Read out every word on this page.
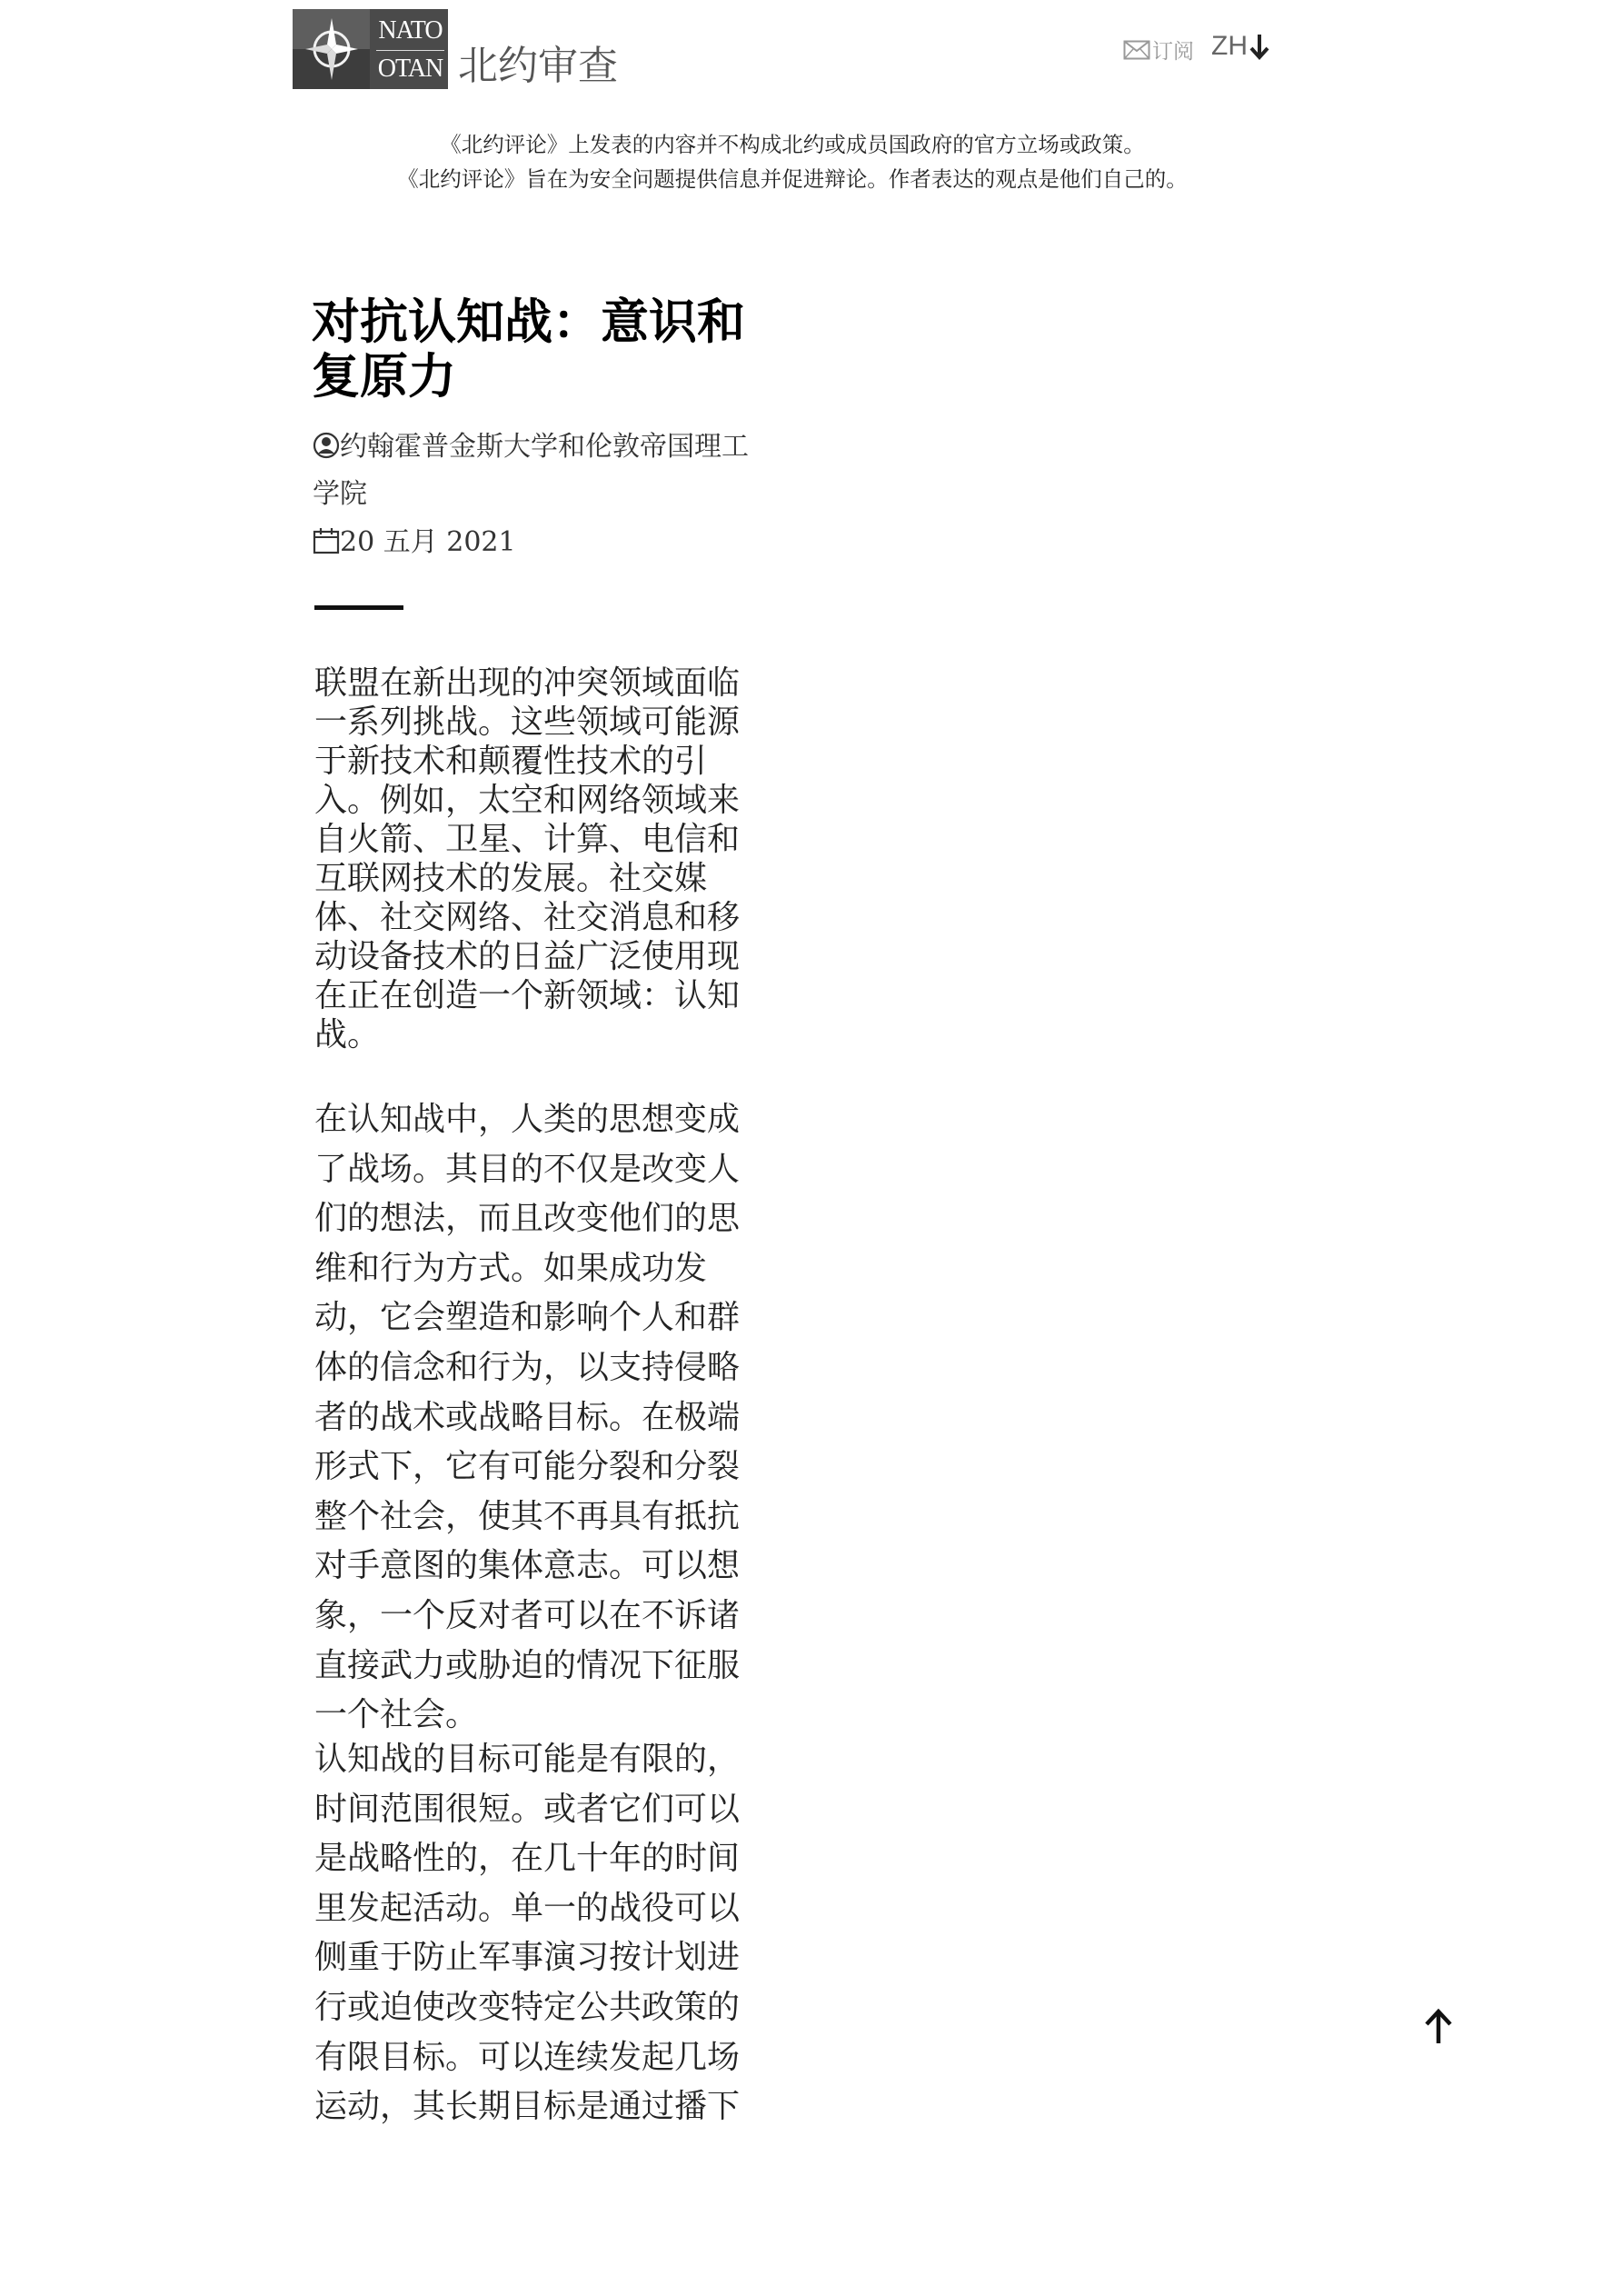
NATO
OTAN 北约审查	订阅 ZH

《北约评论》上发表的内容并不构成北约或成员国政府的官方立场或政策。

《北约评论》旨在为安全问题提供信息并促进辩论。作者表达的观点是他们自己的。

对抗认知战：意识和复原力
约翰霍普金斯大学和伦敦帝国理工学院
20 五月 2021

联盟在新出现的冲突领域面临一系列挑战。这些领域可能源于新技术和颠覆性技术的引入。例如，太空和网络领域来自火箭、卫星、计算、电信和互联网技术的发展。社交媒体、社交网络、社交消息和移动设备技术的日益广泛使用现在正在创造一个新领域：认知战。

在认知战中，人类的思想变成了战场。其目的不仅是改变人们的想法，而且改变他们的思维和行为方式。如果成功发动，它会塑造和影响个人和群体的信念和行为，以支持侵略者的战术或战略目标。在极端形式下，它有可能分裂和分裂整个社会，使其不再具有抵抗对手意图的集体意志。可以想象，一个反对者可以在不诉诸直接武力或胁迫的情况下征服一个社会。

认知战的目标可能是有限的，时间范围很短。或者它们可以是战略性的，在几十年的时间里发起活动。单一的战役可以侧重于防止军事演习按计划进行或迫使改变特定公共政策的有限目标。可以连续发起几场运动，其长期目标是通过播下
